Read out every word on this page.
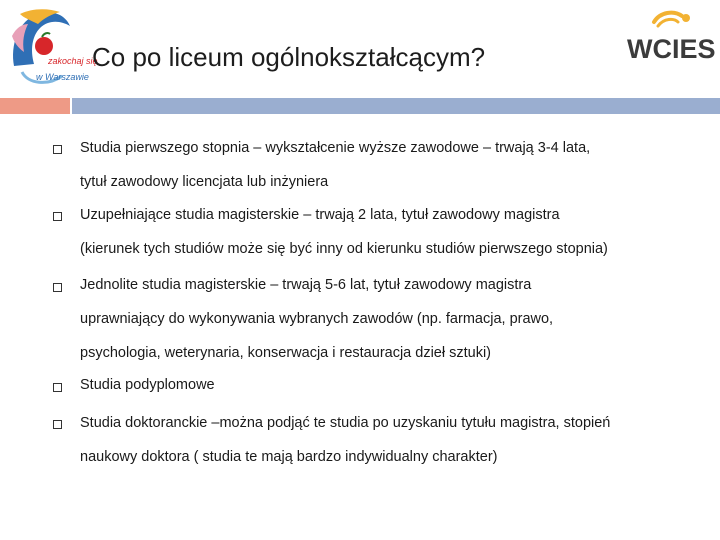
zakochaj się
w Warszawie
WCIES
Co po liceum ogólnokształcącym?
Studia pierwszego stopnia – wykształcenie wyższe zawodowe – trwają 3-4 lata,
tytuł zawodowy licencjata lub inżyniera
Uzupełniające studia magisterskie – trwają 2 lata, tytuł zawodowy magistra
(kierunek tych studiów może się być inny od kierunku studiów pierwszego stopnia)
Jednolite studia magisterskie – trwają 5-6 lat, tytuł zawodowy magistra
uprawniający do wykonywania wybranych zawodów (np. farmacja, prawo,
psychologia, weterynaria, konserwacja i restauracja dzieł sztuki)
Studia podyplomowe
Studia doktoranckie –można podjąć te studia po uzyskaniu tytułu magistra, stopień
naukowy doktora ( studia te mają bardzo indywidualny charakter)
